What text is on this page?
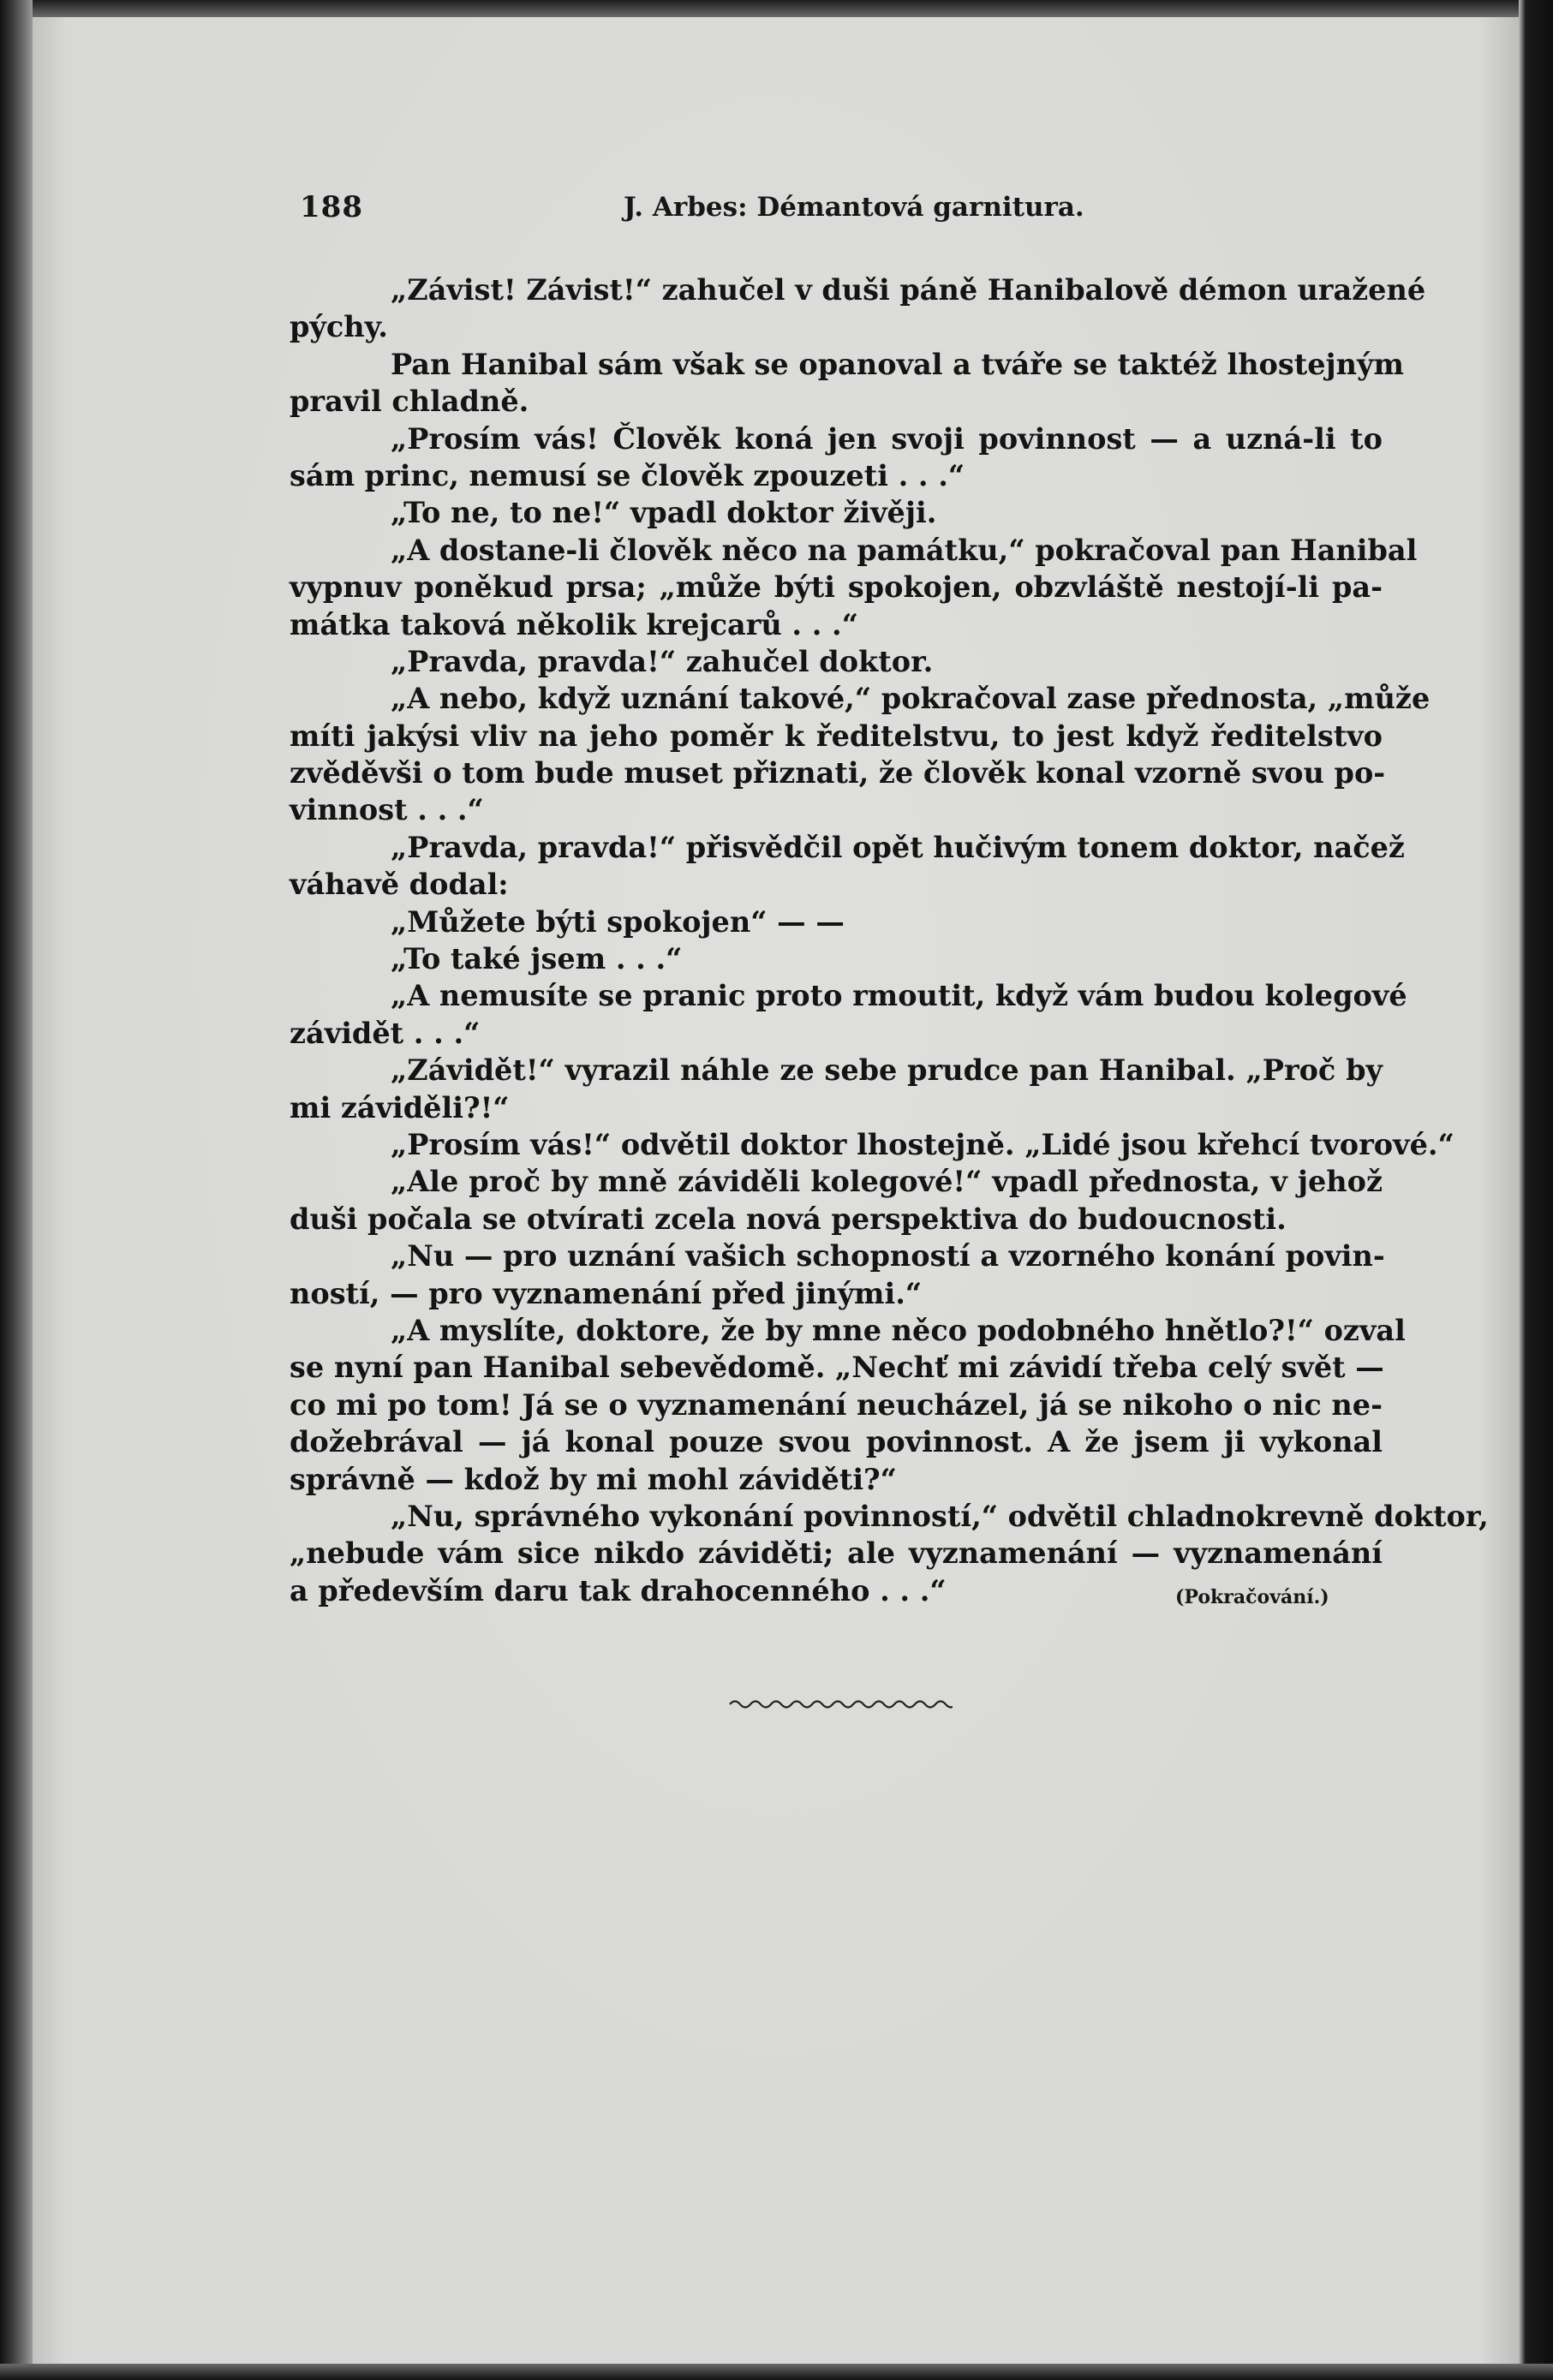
188	J. Arbes: Démantová garnitura.
„Závist! Závist!“ zahučel v duši páně Hanibalově démon uražené
pýchy.
Pan Hanibal sám však se opanoval a tváře se taktéž lhostejným
pravil chladně.
„Prosím vás! Člověk koná jen svoji povinnost — a uzná-li to
sám princ, nemusí se člověk zpouzeti . . .“
„To ne, to ne!“ vpadl doktor živěji.
„A dostane-li člověk něco na památku,“ pokračoval pan Hanibal
vypnuv poněkud prsa; „může býti spokojen, obzvláště nestojí-li pa-
mátka taková několik krejcarů . . .“
„Pravda, pravda!“ zahučel doktor.
„A nebo, když uznání takové,“ pokračoval zase přednosta, „může
míti jakýsi vliv na jeho poměr k ředitelstvu, to jest když ředitelstvo
zvěděvši o tom bude muset přiznati, že člověk konal vzorně svou po-
vinnost . . .“
„Pravda, pravda!“ přisvědčil opět hučivým tonem doktor, načež
váhavě dodal:
„Můžete býti spokojen“ — —
„To také jsem . . .“
„A nemusíte se pranic proto rmoutit, když vám budou kolegové
závidět . . .“
„Závidět!“ vyrazil náhle ze sebe prudce pan Hanibal. „Proč by
mi záviděli?!“
„Prosím vás!“ odvětil doktor lhostejně. „Lidé jsou křehcí tvorové.“
„Ale proč by mně záviděli kolegové!“ vpadl přednosta, v jehož
duši počala se otvírati zcela nová perspektiva do budoucnosti.
„Nu — pro uznání vašich schopností a vzorného konání povin-
ností, — pro vyznamenání před jinými.“
„A myslíte, doktore, že by mne něco podobného hnětlo?!“ ozval
se nyní pan Hanibal sebevědomě. „Nechť mi závidí třeba celý svět —
co mi po tom! Já se o vyznamenání neucházel, já se nikoho o nic ne-
dožebrával — já konal pouze svou povinnost. A že jsem ji vykonal
správně — kdož by mi mohl záviděti?“
„Nu, správného vykonání povinností,“ odvětil chladnokrevně doktor,
„nebude vám sice nikdo záviděti; ale vyznamenání — vyznamenání
a především daru tak drahocenného . . .“	(Pokračování.)
